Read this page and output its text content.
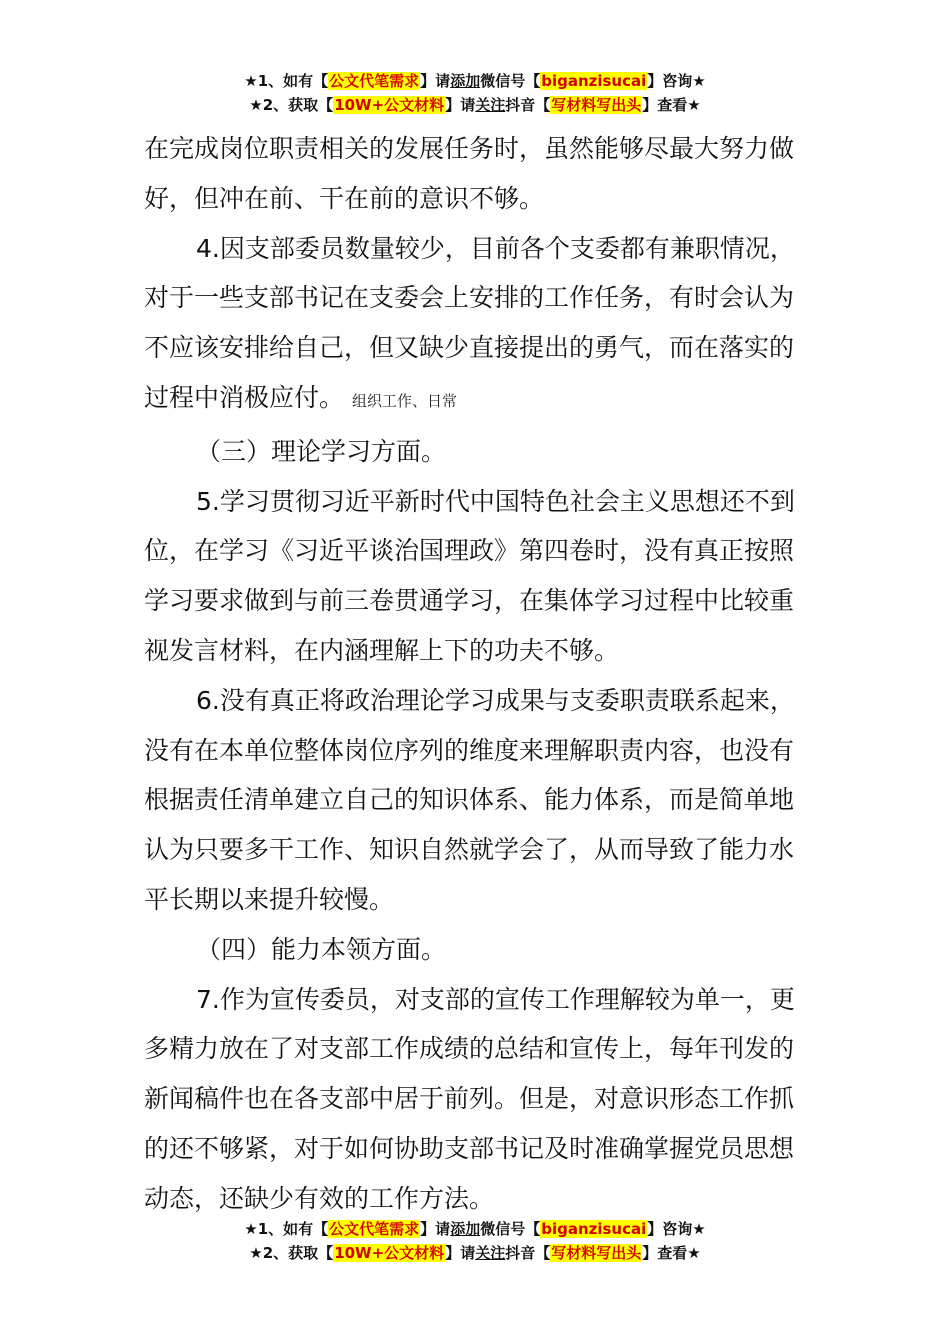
★1、如有【公文代笔需求】请添加微信号【biganzisucai】咨询★
★2、获取【10W+公文材料】请关注抖音【写材料写出头】查看★

在完成岗位职责相关的发展任务时，虽然能够尽最大努力做好，但冲在前、干在前的意识不够。

4.因支部委员数量较少，目前各个支委都有兼职情况，对于一些支部书记在支委会上安排的工作任务，有时会认为不应该安排给自己，但又缺少直接提出的勇气，而在落实的过程中消极应付。 组织工作、日常

（三）理论学习方面。

5.学习贯彻习近平新时代中国特色社会主义思想还不到位，在学习《习近平谈治国理政》第四卷时，没有真正按照学习要求做到与前三卷贯通学习，在集体学习过程中比较重视发言材料，在内涵理解上下的功夫不够。

6.没有真正将政治理论学习成果与支委职责联系起来，没有在本单位整体岗位序列的维度来理解职责内容，也没有根据责任清单建立自己的知识体系、能力体系，而是简单地认为只要多干工作、知识自然就学会了，从而导致了能力水平长期以来提升较慢。

（四）能力本领方面。

7.作为宣传委员，对支部的宣传工作理解较为单一，更多精力放在了对支部工作成绩的总结和宣传上，每年刊发的新闻稿件也在各支部中居于前列。但是，对意识形态工作抓的还不够紧，对于如何协助支部书记及时准确掌握党员思想动态，还缺少有效的工作方法。

★1、如有【公文代笔需求】请添加微信号【biganzisucai】咨询★
★2、获取【10W+公文材料】请关注抖音【写材料写出头】查看★
